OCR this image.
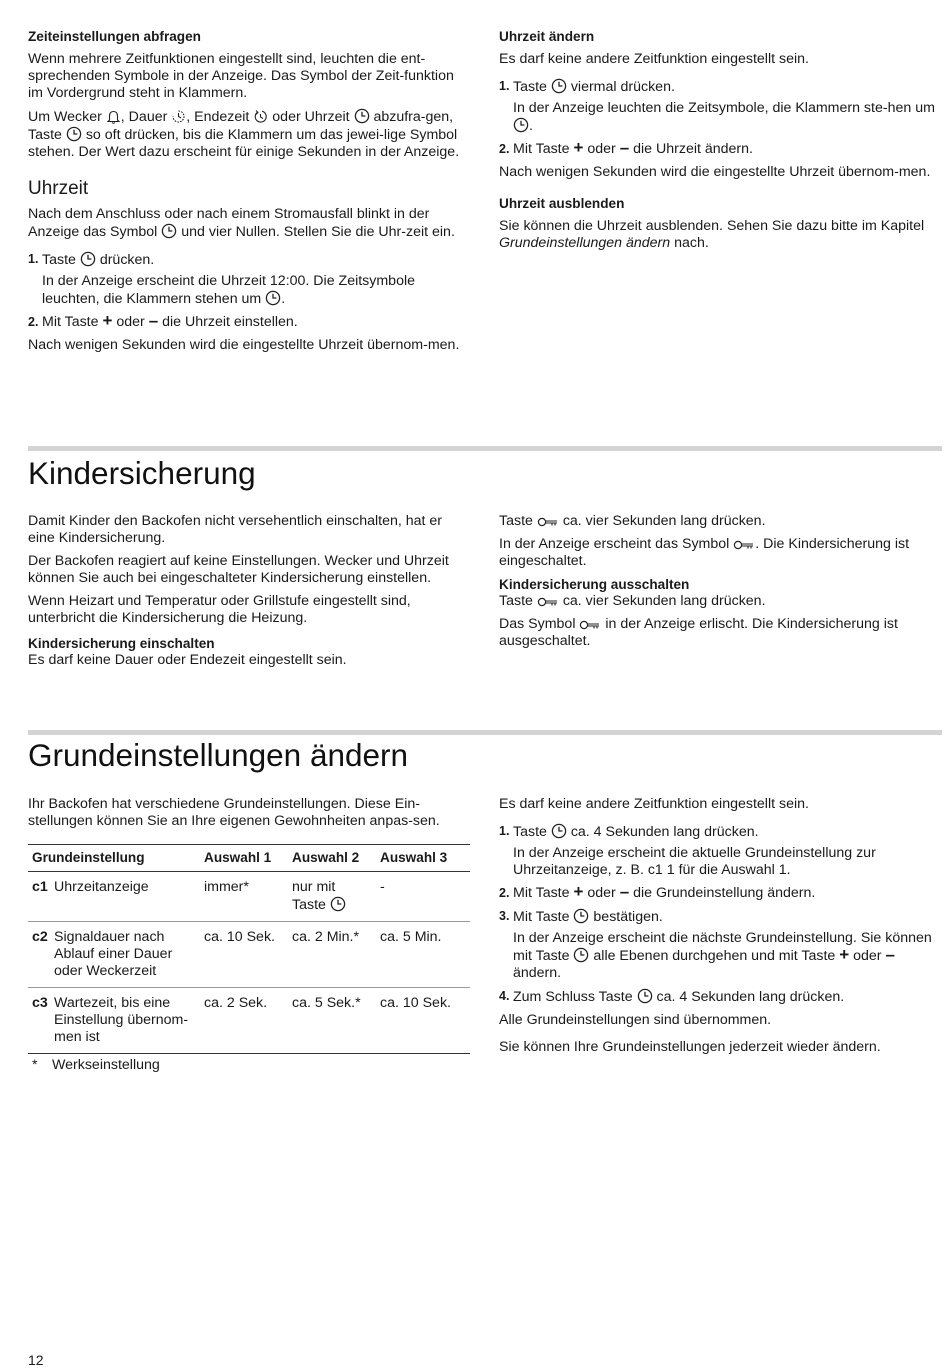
Zeiteinstellungen abfragen

Wenn mehrere Zeitfunktionen eingestellt sind, leuchten die ent-sprechenden Symbole in der Anzeige. Das Symbol der Zeit-funktion im Vordergrund steht in Klammern.

Um Wecker , Dauer , Endezeit
oder Uhrzeit
abzufra-gen, Taste
so oft drücken, bis die Klammern um das jewei-lige Symbol stehen. Der Wert dazu erscheint für einige Sekunden in der Anzeige.

Uhrzeit

Nach dem Anschluss oder nach einem Stromausfall blinkt in der Anzeige das Symbol
und vier Nullen. Stellen Sie die Uhr-zeit ein.

1. Taste
drücken.
In der Anzeige erscheint die Uhrzeit 12:00. Die Zeitsymbole leuchten, die Klammern stehen um .
2. Mit Taste + oder – die Uhrzeit einstellen.

Nach wenigen Sekunden wird die eingestellte Uhrzeit übernom-men.

Uhrzeit ändern

Es darf keine andere Zeitfunktion eingestellt sein.

1. Taste
viermal drücken.
In der Anzeige leuchten die Zeitsymbole, die Klammern ste-hen um
.
2. Mit Taste + oder – die Uhrzeit ändern.

Nach wenigen Sekunden wird die eingestellte Uhrzeit übernom-men.

Uhrzeit ausblenden

Sie können die Uhrzeit ausblenden. Sehen Sie dazu bitte im Kapitel Grundeinstellungen ändern nach.

Kindersicherung

Damit Kinder den Backofen nicht versehentlich einschalten, hat er eine Kindersicherung.

Der Backofen reagiert auf keine Einstellungen. Wecker und Uhrzeit können Sie auch bei eingeschalteter Kindersicherung einstellen.

Wenn Heizart und Temperatur oder Grillstufe eingestellt sind, unterbricht die Kindersicherung die Heizung.

Kindersicherung einschalten

Es darf keine Dauer oder Endezeit eingestellt sein.

Taste
ca. vier Sekunden lang drücken.

In der Anzeige erscheint das Symbol . Die Kindersicherung ist eingeschaltet.

Kindersicherung ausschalten

Taste
ca. vier Sekunden lang drücken.

Das Symbol
in der Anzeige erlischt. Die Kindersicherung ist ausgeschaltet.

Grundeinstellungen ändern

Ihr Backofen hat verschiedene Grundeinstellungen. Diese Ein-stellungen können Sie an Ihre eigenen Gewohnheiten anpas-sen.

Grundeinstellung		Auswahl 1	Auswahl 2	Auswahl 3
c1	Uhrzeitanzeige	immer*	nur mit Taste	-
c2	Signaldauer nach Ablauf einer Dauer oder Weckerzeit	ca. 10 Sek.	ca. 2 Min.*	ca. 5 Min.
c3	Wartezeit, bis eine Einstellung übernom-men ist	ca. 2 Sek.	ca. 5 Sek.*	ca. 10 Sek.
*	Werkseinstellung

Es darf keine andere Zeitfunktion eingestellt sein.

1. Taste
ca. 4 Sekunden lang drücken.
In der Anzeige erscheint die aktuelle Grundeinstellung zur Uhrzeitanzeige, z. B. c1 1 für die Auswahl 1.
2. Mit Taste + oder – die Grundeinstellung ändern.
3. Mit Taste
bestätigen.
In der Anzeige erscheint die nächste Grundeinstellung. Sie können mit Taste
alle Ebenen durchgehen und mit Taste + oder – ändern.
4. Zum Schluss Taste
ca. 4 Sekunden lang drücken.

Alle Grundeinstellungen sind übernommen.

Sie können Ihre Grundeinstellungen jederzeit wieder ändern.

12
